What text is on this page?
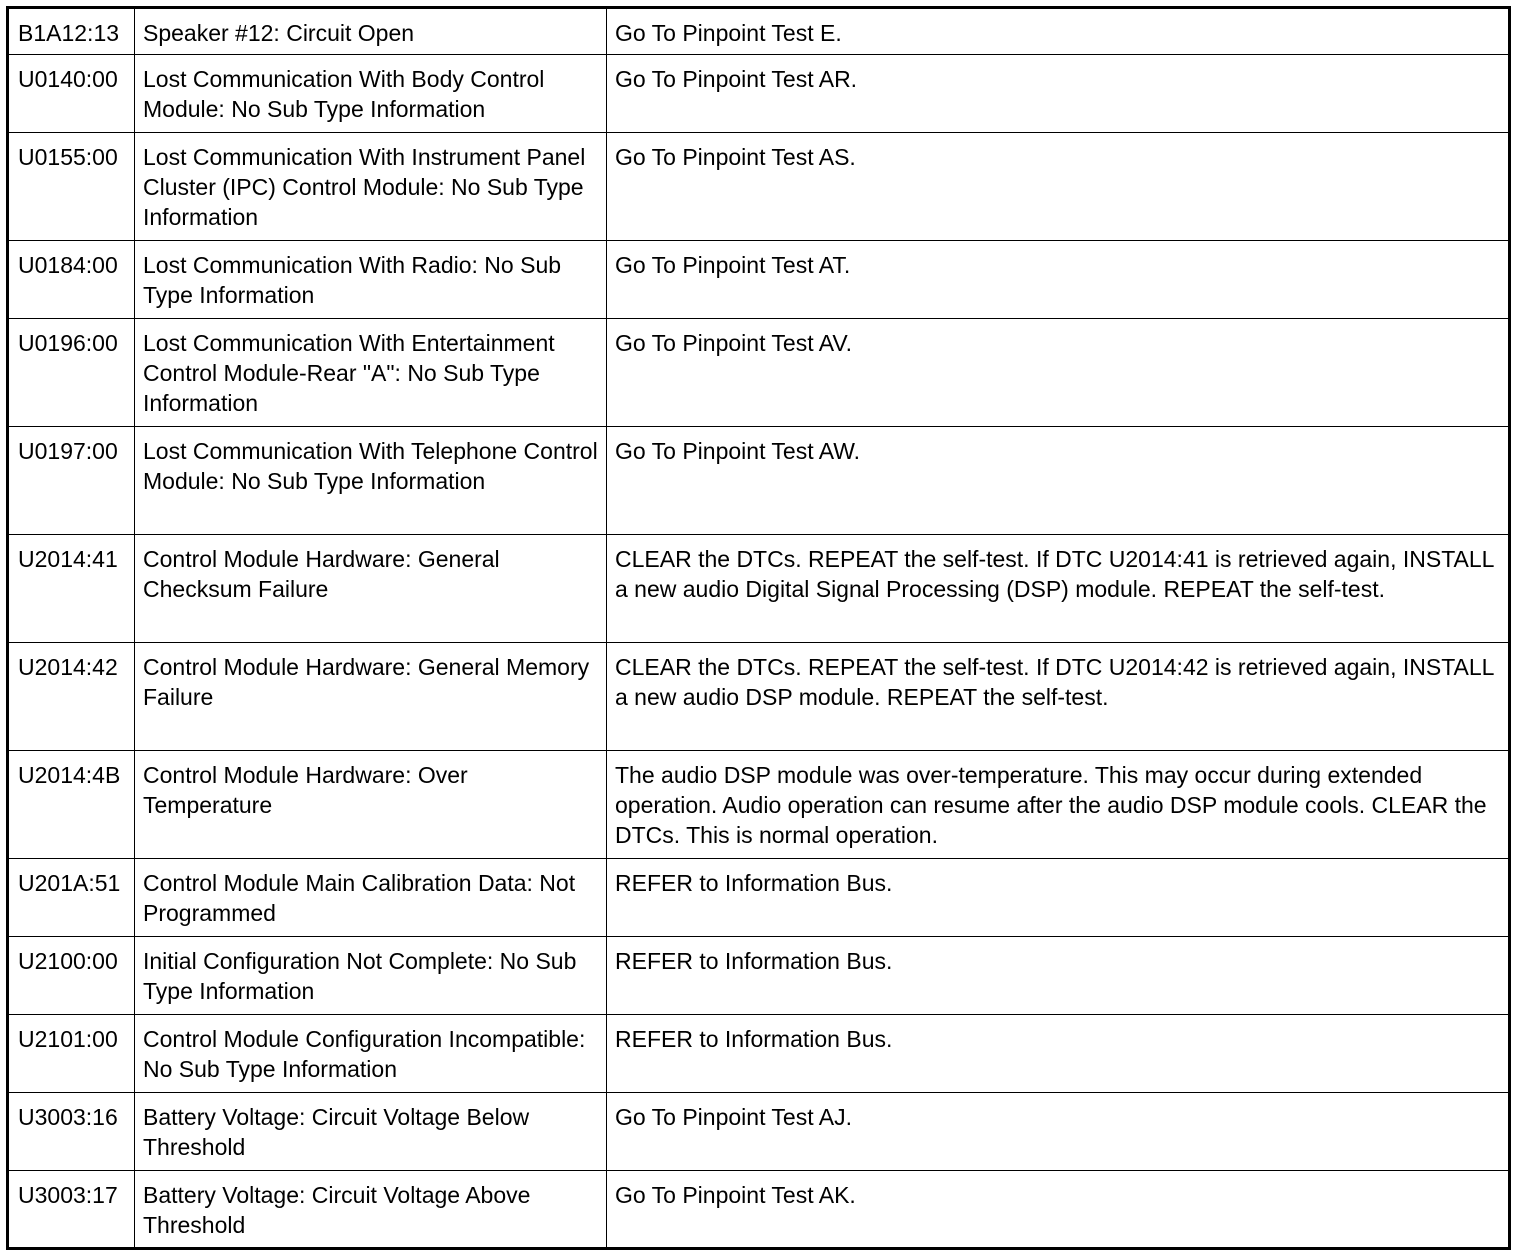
B1A12:13	Speaker #12: Circuit Open	Go To Pinpoint Test E.
U0140:00	Lost Communication With Body Control Module: No Sub Type Information	Go To Pinpoint Test AR.
U0155:00	Lost Communication With Instrument Panel Cluster (IPC) Control Module: No Sub Type Information	Go To Pinpoint Test AS.
U0184:00	Lost Communication With Radio: No Sub Type Information	Go To Pinpoint Test AT.
U0196:00	Lost Communication With Entertainment Control Module-Rear "A": No Sub Type Information	Go To Pinpoint Test AV.
U0197:00	Lost Communication With Telephone Control Module: No Sub Type Information	Go To Pinpoint Test AW.
U2014:41	Control Module Hardware: General Checksum Failure	CLEAR the DTCs. REPEAT the self-test. If DTC U2014:41 is retrieved again, INSTALL a new audio Digital Signal Processing (DSP) module. REPEAT the self-test.
U2014:42	Control Module Hardware: General Memory Failure	CLEAR the DTCs. REPEAT the self-test. If DTC U2014:42 is retrieved again, INSTALL a new audio DSP module. REPEAT the self-test.
U2014:4B	Control Module Hardware: Over Temperature	The audio DSP module was over-temperature. This may occur during extended operation. Audio operation can resume after the audio DSP module cools. CLEAR the DTCs. This is normal operation.
U201A:51	Control Module Main Calibration Data: Not Programmed	REFER to Information Bus.
U2100:00	Initial Configuration Not Complete: No Sub Type Information	REFER to Information Bus.
U2101:00	Control Module Configuration Incompatible: No Sub Type Information	REFER to Information Bus.
U3003:16	Battery Voltage: Circuit Voltage Below Threshold	Go To Pinpoint Test AJ.
U3003:17	Battery Voltage: Circuit Voltage Above Threshold	Go To Pinpoint Test AK.
